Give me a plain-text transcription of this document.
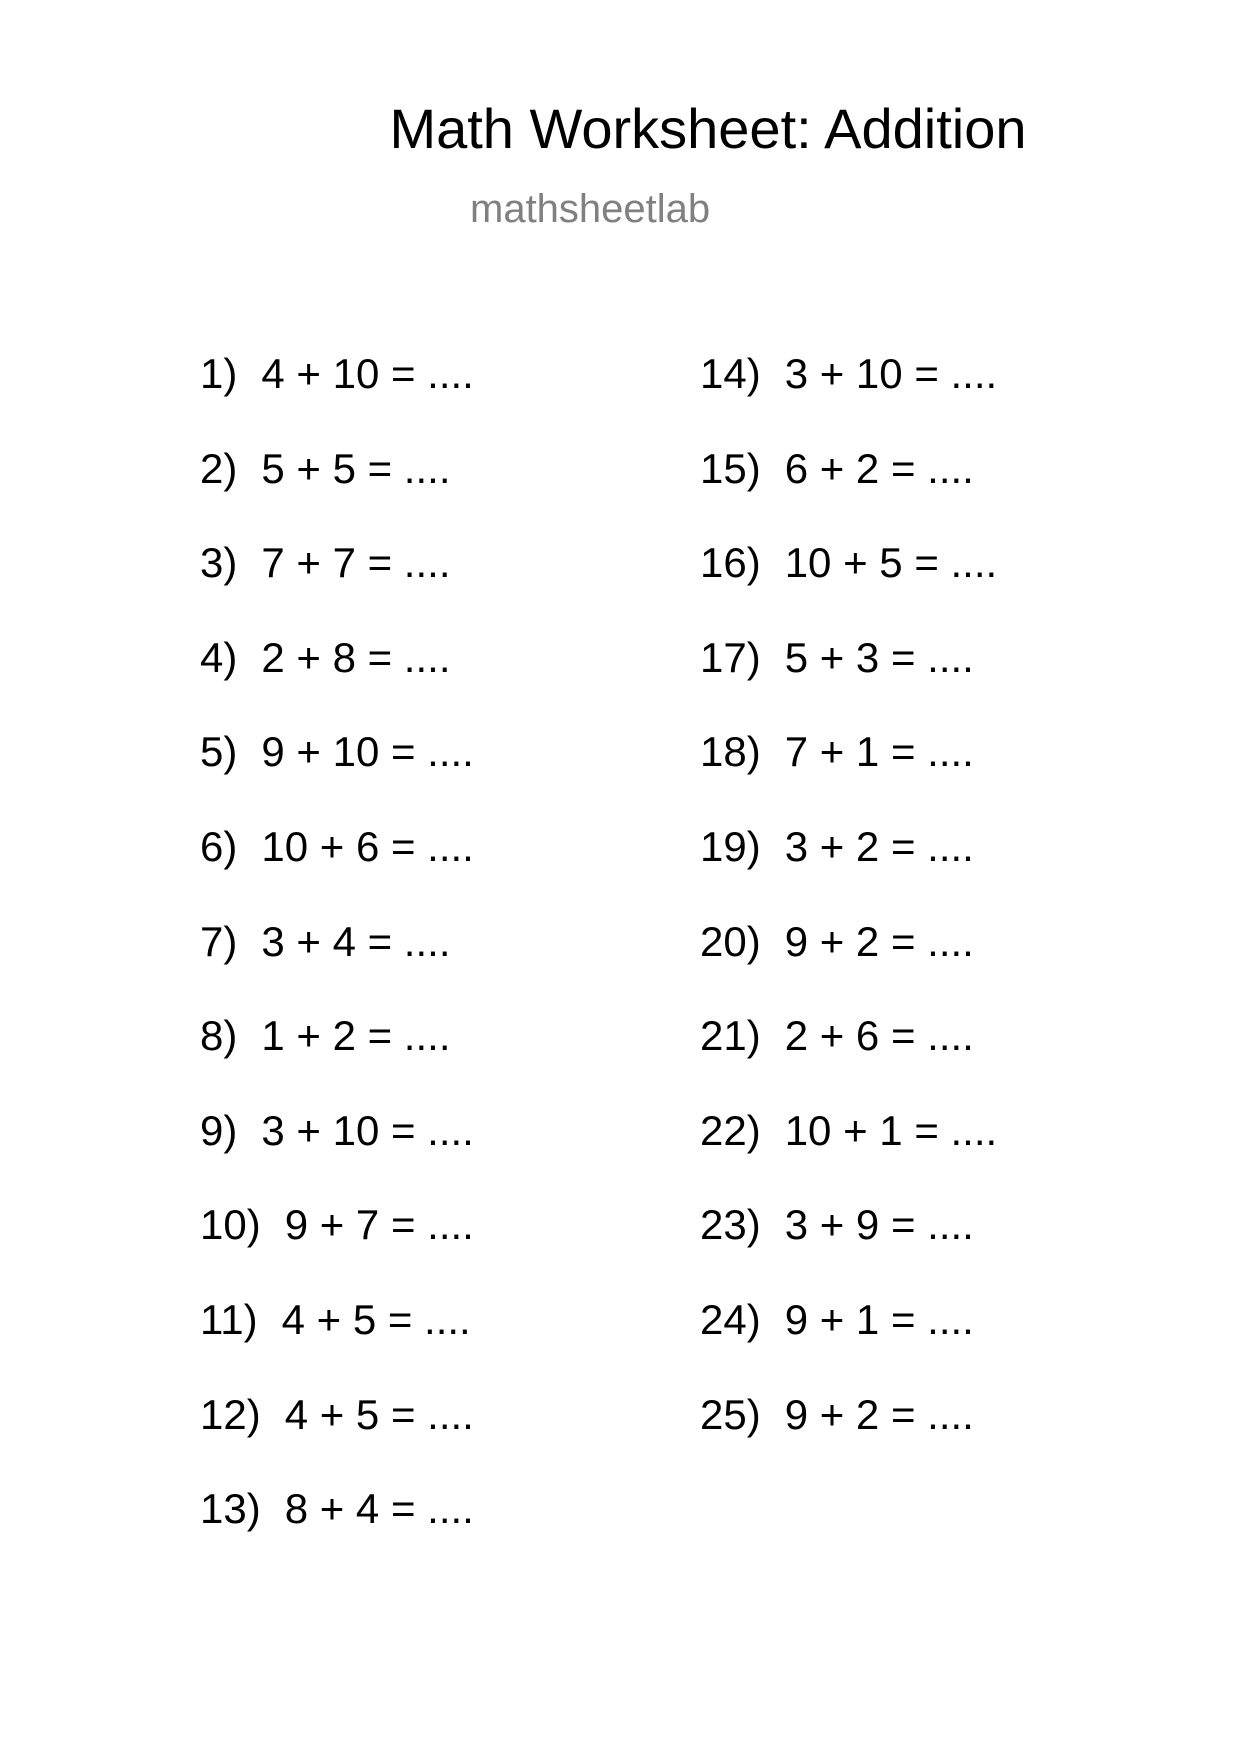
Math Worksheet: Addition
mathsheetlab
1) 4 + 10 = ....
2) 5 + 5 = ....
3) 7 + 7 = ....
4) 2 + 8 = ....
5) 9 + 10 = ....
6) 10 + 6 = ....
7) 3 + 4 = ....
8) 1 + 2 = ....
9) 3 + 10 = ....
10) 9 + 7 = ....
11) 4 + 5 = ....
12) 4 + 5 = ....
13) 8 + 4 = ....
14) 3 + 10 = ....
15) 6 + 2 = ....
16) 10 + 5 = ....
17) 5 + 3 = ....
18) 7 + 1 = ....
19) 3 + 2 = ....
20) 9 + 2 = ....
21) 2 + 6 = ....
22) 10 + 1 = ....
23) 3 + 9 = ....
24) 9 + 1 = ....
25) 9 + 2 = ....
